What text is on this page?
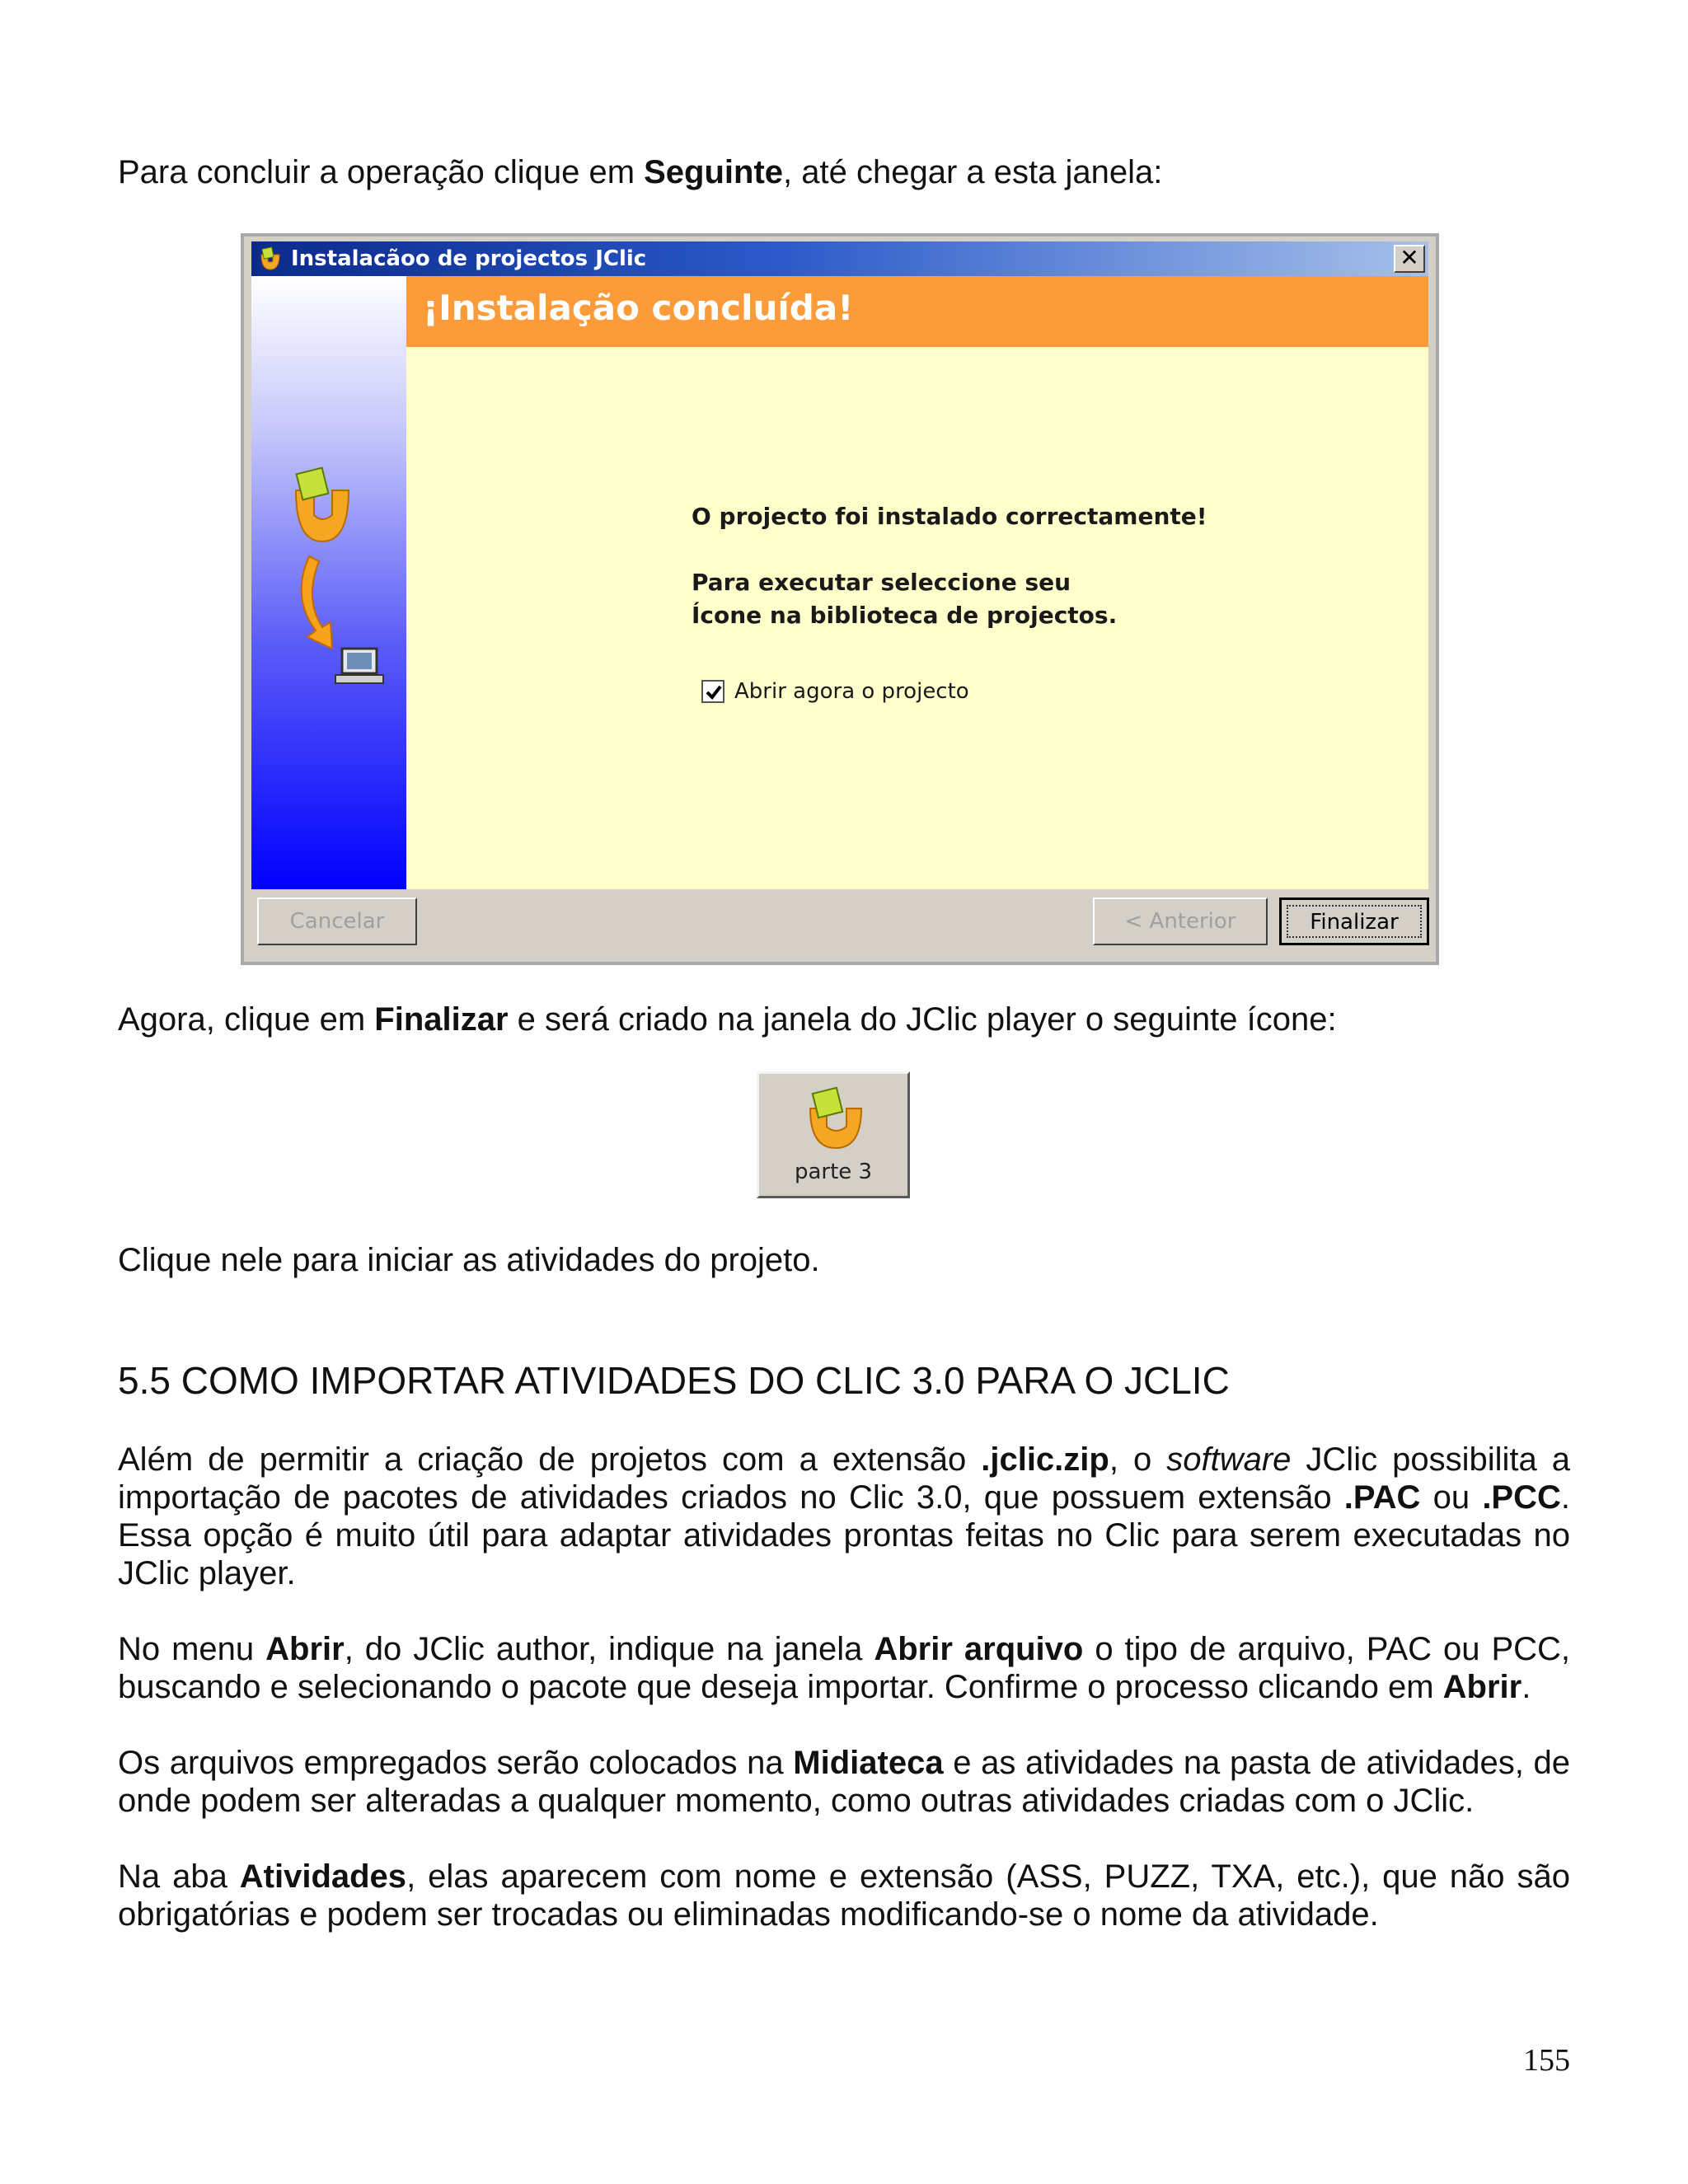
Para concluir a operação clique em Seguinte, até chegar a esta janela:

Instalacãoo de projectos JClic	✕
¡Instalação concluída!
O projecto foi instalado correctamente!
Para executar seleccione seu
Ícone na biblioteca de projectos.
Abrir agora o projecto
Cancelar	< Anterior	Finalizar

Agora, clique em Finalizar e será criado na janela do JClic player o seguinte ícone:

parte 3

Clique nele para iniciar as atividades do projeto.

5.5 COMO IMPORTAR ATIVIDADES DO CLIC 3.0 PARA O JCLIC

Além de permitir a criação de projetos com a extensão .jclic.zip, o software JClic possibilita a importação de pacotes de atividades criados no Clic 3.0, que possuem extensão .PAC ou .PCC. Essa opção é muito útil para adaptar atividades prontas feitas no Clic para serem executadas no JClic player.

No menu Abrir, do JClic author, indique na janela Abrir arquivo o tipo de arquivo, PAC ou PCC, buscando e selecionando o pacote que deseja importar. Confirme o processo clicando em Abrir.

Os arquivos empregados serão colocados na Midiateca e as atividades na pasta de atividades, de onde podem ser alteradas a qualquer momento, como outras atividades criadas com o JClic.

Na aba Atividades, elas aparecem com nome e extensão (ASS, PUZZ, TXA, etc.), que não são obrigatórias e podem ser trocadas ou eliminadas modificando-se o nome da atividade.

155
